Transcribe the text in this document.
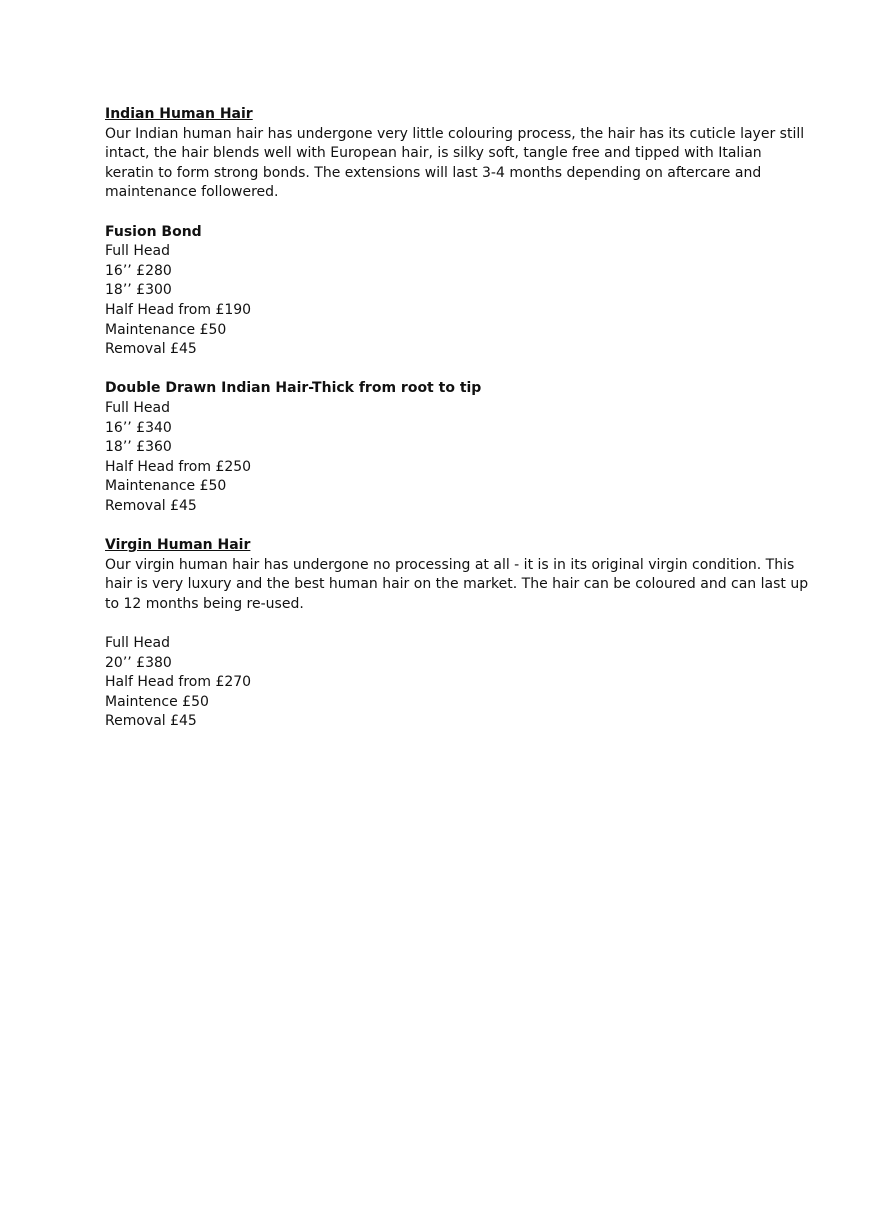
Indian Human Hair
Our Indian human hair has undergone very little colouring process, the hair has its cuticle layer still
intact, the hair blends well with European hair, is silky soft, tangle free and tipped with Italian
keratin to form strong bonds. The extensions will last 3-4 months depending on aftercare and
maintenance followered.
Fusion Bond
Full Head
16’’ £280
18’’ £300
Half Head from £190
Maintenance £50
Removal £45
Double Drawn Indian Hair-Thick from root to tip
Full Head
16’’ £340
18’’ £360
Half Head from £250
Maintenance £50
Removal £45
Virgin Human Hair
Our virgin human hair has undergone no processing at all - it is in its original virgin condition. This
hair is very luxury and the best human hair on the market. The hair can be coloured and can last up
to 12 months being re-used.
Full Head
20’’ £380
Half Head from £270
Maintence £50
Removal £45
